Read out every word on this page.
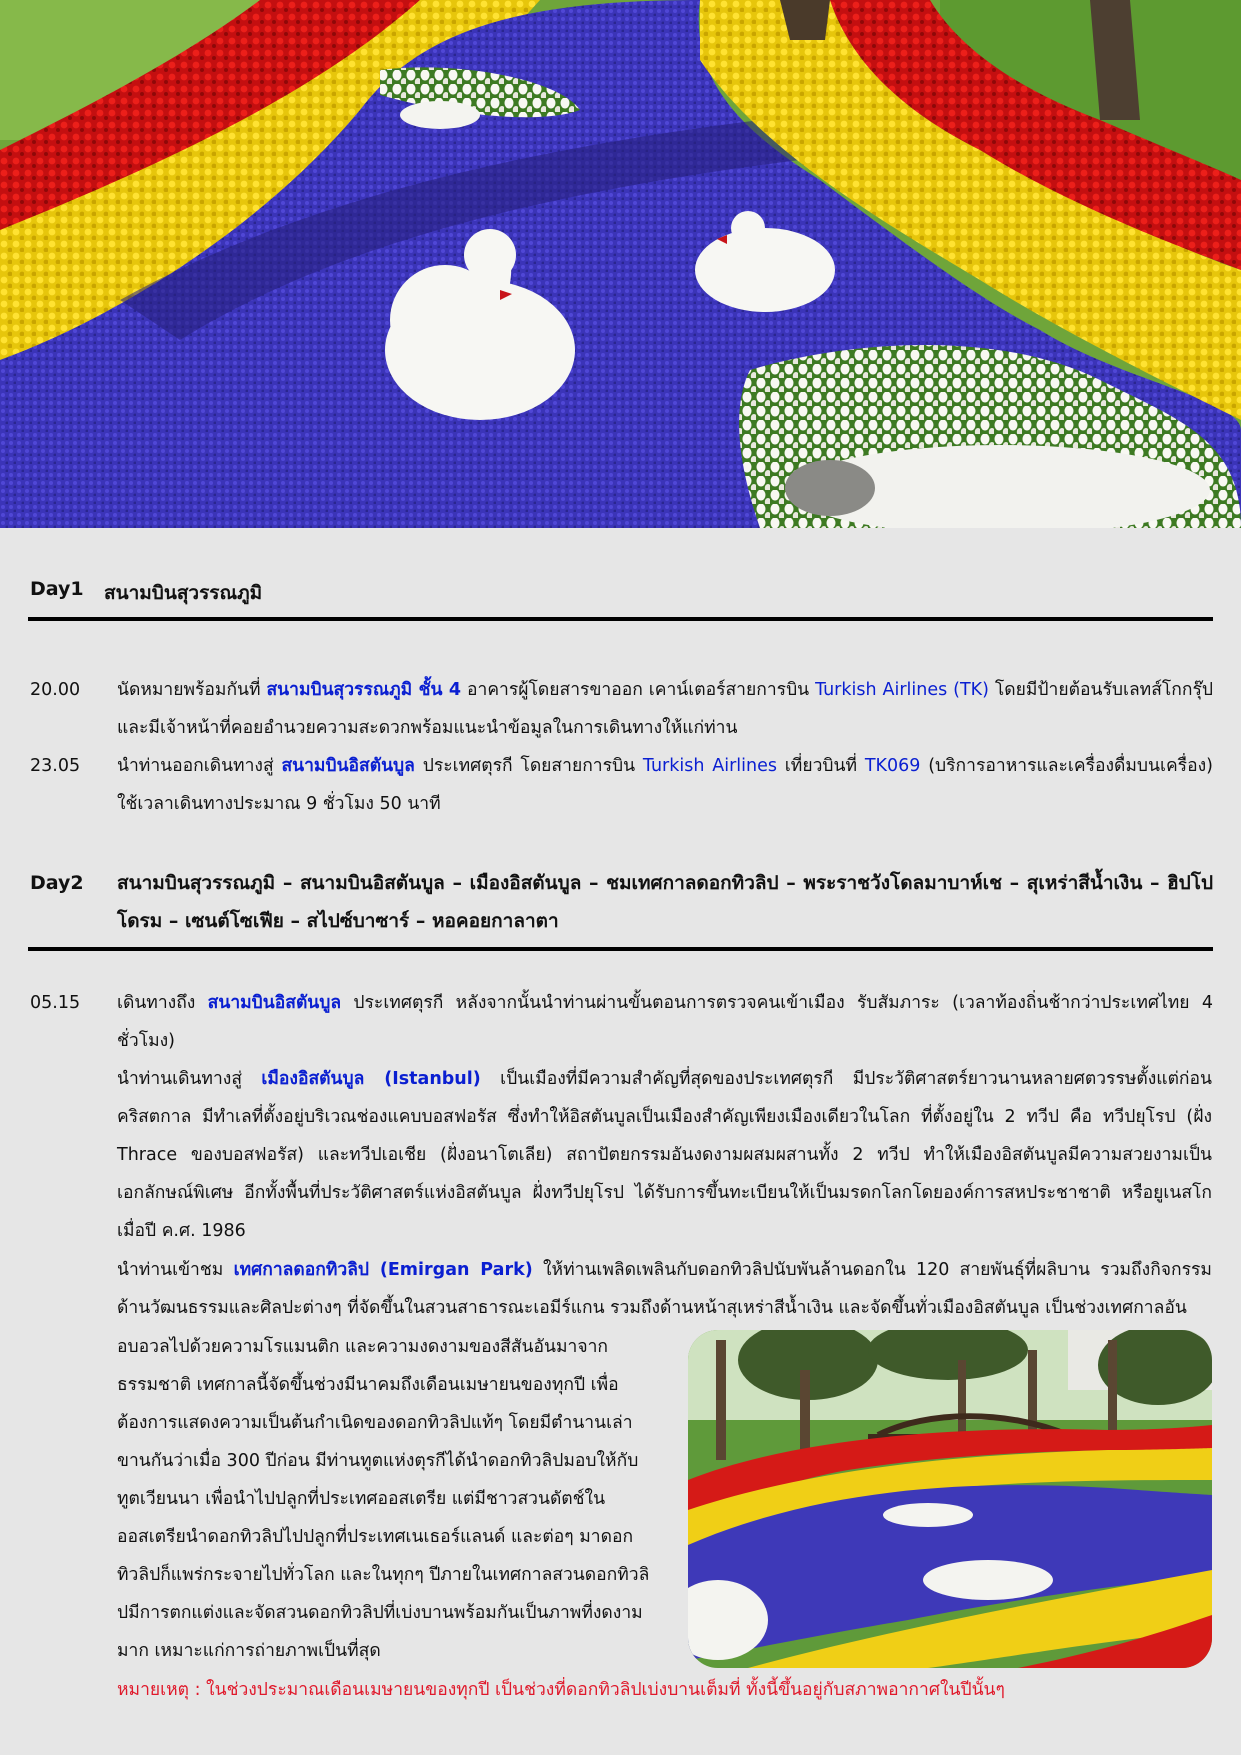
Day1 สนามบินสุวรรณภูมิ
20.00 นัดหมายพร้อมกันที่ สนามบินสุวรรณภูมิ ชั้น 4 อาคารผู้โดยสารขาออก เคาน์เตอร์สายการบิน Turkish Airlines (TK) โดยมีป้ายต้อนรับเลทส์โกกรุ๊ป และมีเจ้าหน้าที่คอยอำนวยความสะดวกพร้อมแนะนำข้อมูลในการเดินทางให้แก่ท่าน
23.05 นำท่านออกเดินทางสู่ สนามบินอิสตันบูล ประเทศตุรกี โดยสายการบิน Turkish Airlines เที่ยวบินที่ TK069 (บริการอาหารและเครื่องดื่มบนเครื่อง) ใช้เวลาเดินทางประมาณ 9 ชั่วโมง 50 นาที
Day2 สนามบินสุวรรณภูมิ – สนามบินอิสตันบูล – เมืองอิสตันบูล – ชมเทศกาลดอกทิวลิป – พระราชวังโดลมาบาห์เช – สุเหร่าสีน้ำเงิน – ฮิปโปโดรม – เซนต์โซเฟีย – สไปซ์บาซาร์ – หอคอยกาลาตา
05.15 เดินทางถึง สนามบินอิสตันบูล ประเทศตุรกี หลังจากนั้นนำท่านผ่านขั้นตอนการตรวจคนเข้าเมือง รับสัมภาระ (เวลาท้องถิ่นช้ากว่าประเทศไทย 4 ชั่วโมง)
นำท่านเดินทางสู่ เมืองอิสตันบูล (Istanbul) เป็นเมืองที่มีความสำคัญที่สุดของประเทศตุรกี มีประวัติศาสตร์ยาวนานหลายศตวรรษตั้งแต่ก่อนคริสตกาล มีทำเลที่ตั้งอยู่บริเวณช่องแคบบอสฟอรัส ซึ่งทำให้อิสตันบูลเป็นเมืองสำคัญเพียงเมืองเดียวในโลก ที่ตั้งอยู่ใน 2 ทวีป คือ ทวีปยุโรป (ฝั่ง Thrace ของบอสฟอรัส) และทวีปเอเชีย (ฝั่งอนาโตเลีย) สถาปัตยกรรมอันงดงามผสมผสานทั้ง 2 ทวีป ทำให้เมืองอิสตันบูลมีความสวยงามเป็นเอกลักษณ์พิเศษ อีกทั้งพื้นที่ประวัติศาสตร์แห่งอิสตันบูล ฝั่งทวีปยุโรป ได้รับการขึ้นทะเบียนให้เป็นมรดกโลกโดยองค์การสหประชาชาติ หรือยูเนสโก เมื่อปี ค.ศ. 1986
นำท่านเข้าชม เทศกาลดอกทิวลิป (Emirgan Park) ให้ท่านเพลิดเพลินกับดอกทิวลิปนับพันล้านดอกใน 120 สายพันธุ์ที่ผลิบาน รวมถึงกิจกรรมด้านวัฒนธรรมและศิลปะต่างๆ ที่จัดขึ้นในสวนสาธารณะเอมีร์แกน รวมถึงด้านหน้าสุเหร่าสีน้ำเงิน และจัดขึ้นทั่วเมืองอิสตันบูล เป็นช่วงเทศกาลอัน
อบอวลไปด้วยความโรแมนติก และความงดงามของสีสันอันมาจาก
ธรรมชาติ เทศกาลนี้จัดขึ้นช่วงมีนาคมถึงเดือนเมษายนของทุกปี เพื่อ
ต้องการแสดงความเป็นต้นกำเนิดของดอกทิวลิปแท้ๆ โดยมีตำนานเล่า
ขานกันว่าเมื่อ 300 ปีก่อน มีท่านทูตแห่งตุรกีได้นำดอกทิวลิปมอบให้กับ
ทูตเวียนนา เพื่อนำไปปลูกที่ประเทศออสเตรีย แต่มีชาวสวนดัตช์ใน
ออสเตรียนำดอกทิวลิปไปปลูกที่ประเทศเนเธอร์แลนด์ และต่อๆ มาดอก
ทิวลิปก็แพร่กระจายไปทั่วโลก และในทุกๆ ปีภายในเทศกาลสวนดอกทิวลิ
ปมีการตกแต่งและจัดสวนดอกทิวลิปที่เบ่งบานพร้อมกันเป็นภาพที่งดงาม
มาก เหมาะแก่การถ่ายภาพเป็นที่สุด
หมายเหตุ : ในช่วงประมาณเดือนเมษายนของทุกปี เป็นช่วงที่ดอกทิวลิปเบ่งบานเต็มที่ ทั้งนี้ขึ้นอยู่กับสภาพอากาศในปีนั้นๆ
